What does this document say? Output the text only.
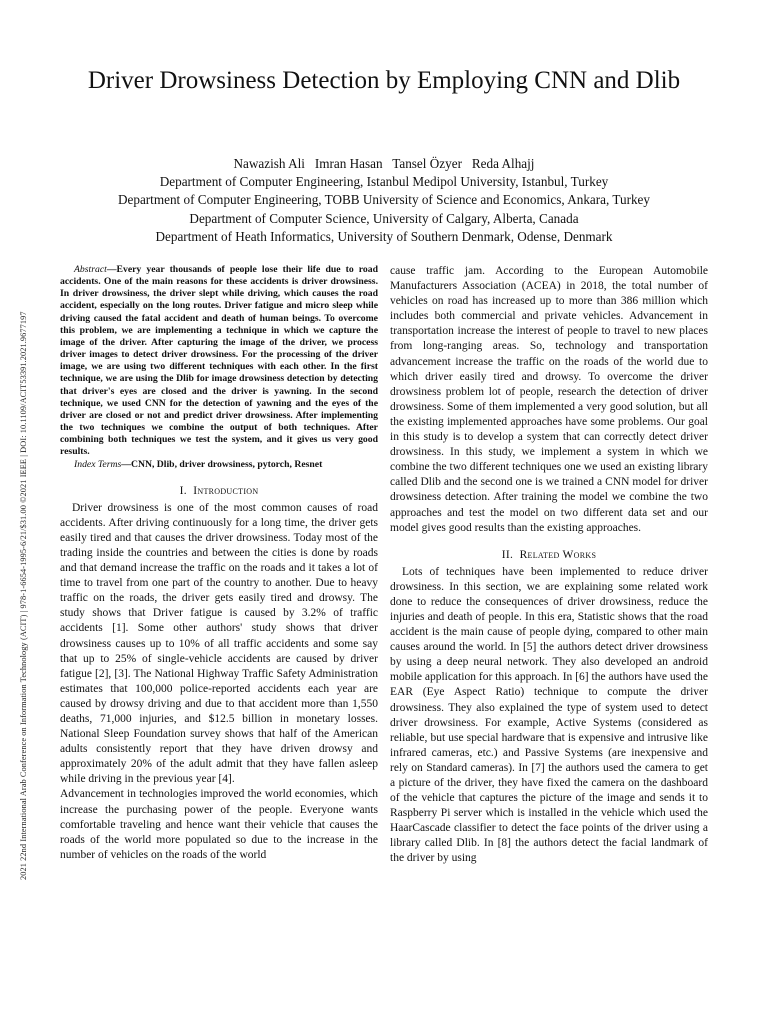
2021 22nd International Arab Conference on Information Technology (ACIT) | 978-1-6654-1995-6/21/$31.00 ©2021 IEEE | DOI: 10.1109/ACIT53391.2021.9677197
Driver Drowsiness Detection by Employing CNN and Dlib
Nawazish Ali   Imran Hasan   Tansel Özyer   Reda Alhajj
Department of Computer Engineering, Istanbul Medipol University, Istanbul, Turkey
Department of Computer Engineering, TOBB University of Science and Economics, Ankara, Turkey
Department of Computer Science, University of Calgary, Alberta, Canada
Department of Heath Informatics, University of Southern Denmark, Odense, Denmark

Abstract—Every year thousands of people lose their life due to road accidents. One of the main reasons for these accidents is driver drowsiness. In driver drowsiness, the driver slept while driving, which causes the road accident, especially on the long routes. Driver fatigue and micro sleep while driving caused the fatal accident and death of human beings. To overcome this problem, we are implementing a technique in which we capture the image of the driver. After capturing the image of the driver, we process driver images to detect driver drowsiness. For the processing of the driver image, we are using two different techniques with each other. In the first technique, we are using the Dlib for image drowsiness detection by detecting that driver's eyes are closed and the driver is yawning. In the second technique, we used CNN for the detection of yawning and the eyes of the driver are closed or not and predict driver drowsiness. After implementing the two techniques we combine the output of both techniques. After combining both techniques we test the system, and it gives us very good results.

Index Terms—CNN, Dlib, driver drowsiness, pytorch, Resnet

I. Introduction

Driver drowsiness is one of the most common causes of road accidents. After driving continuously for a long time, the driver gets easily tired and that causes the driver drowsiness. Today most of the trading inside the countries and between the cities is done by roads and that demand increase the traffic on the roads and it takes a lot of time to travel from one part of the country to another. Due to heavy traffic on the roads, the driver gets easily tired and drowsy. The study shows that Driver fatigue is caused by 3.2% of traffic accidents [1]. Some other authors' study shows that driver drowsiness causes up to 10% of all traffic accidents and some say that up to 25% of single-vehicle accidents are caused by driver fatigue [2], [3]. The National Highway Traffic Safety Administration estimates that 100,000 police-reported accidents each year are caused by drowsy driving and due to that accident more than 1,550 deaths, 71,000 injuries, and $12.5 billion in monetary losses. National Sleep Foundation survey shows that half of the American adults consistently report that they have driven drowsy and approximately 20% of the adult admit that they have fallen asleep while driving in the previous year [4].

Advancement in technologies improved the world economies, which increase the purchasing power of the people. Everyone wants comfortable traveling and hence want their vehicle that causes the roads of the world more populated so due to the increase in the number of vehicles on the roads of the world

cause traffic jam. According to the European Automobile Manufacturers Association (ACEA) in 2018, the total number of vehicles on road has increased up to more than 386 million which includes both commercial and private vehicles. Advancement in transportation increase the interest of people to travel to new places from long-ranging areas. So, technology and transportation advancement increase the traffic on the roads of the world due to which driver easily tired and drowsy. To overcome the driver drowsiness problem lot of people, research the detection of driver drowsiness. Some of them implemented a very good solution, but all the existing implemented approaches have some problems. Our goal in this study is to develop a system that can correctly detect driver drowsiness. In this study, we implement a system in which we combine the two different techniques one we used an existing library called Dlib and the second one is we trained a CNN model for driver drowsiness detection. After training the model we combine the two approaches and test the model on two different data set and our model gives good results than the existing approaches.

II. Related Works

Lots of techniques have been implemented to reduce driver drowsiness. In this section, we are explaining some related work done to reduce the consequences of driver drowsiness, reduce the injuries and death of people. In this era, Statistic shows that the road accident is the main cause of people dying, compared to other main causes around the world. In [5] the authors detect driver drowsiness by using a deep neural network. They also developed an android mobile application for this approach. In [6] the authors have used the EAR (Eye Aspect Ratio) technique to compute the driver drowsiness. They also explained the type of system used to detect driver drowsiness. For example, Active Systems (considered as reliable, but use special hardware that is expensive and intrusive like infrared cameras, etc.) and Passive Systems (are inexpensive and rely on Standard cameras). In [7] the authors used the camera to get a picture of the driver, they have fixed the camera on the dashboard of the vehicle that captures the picture of the image and sends it to Raspberry Pi server which is installed in the vehicle which used the HaarCascade classifier to detect the face points of the driver using a library called Dlib. In [8] the authors detect the facial landmark of the driver by using
